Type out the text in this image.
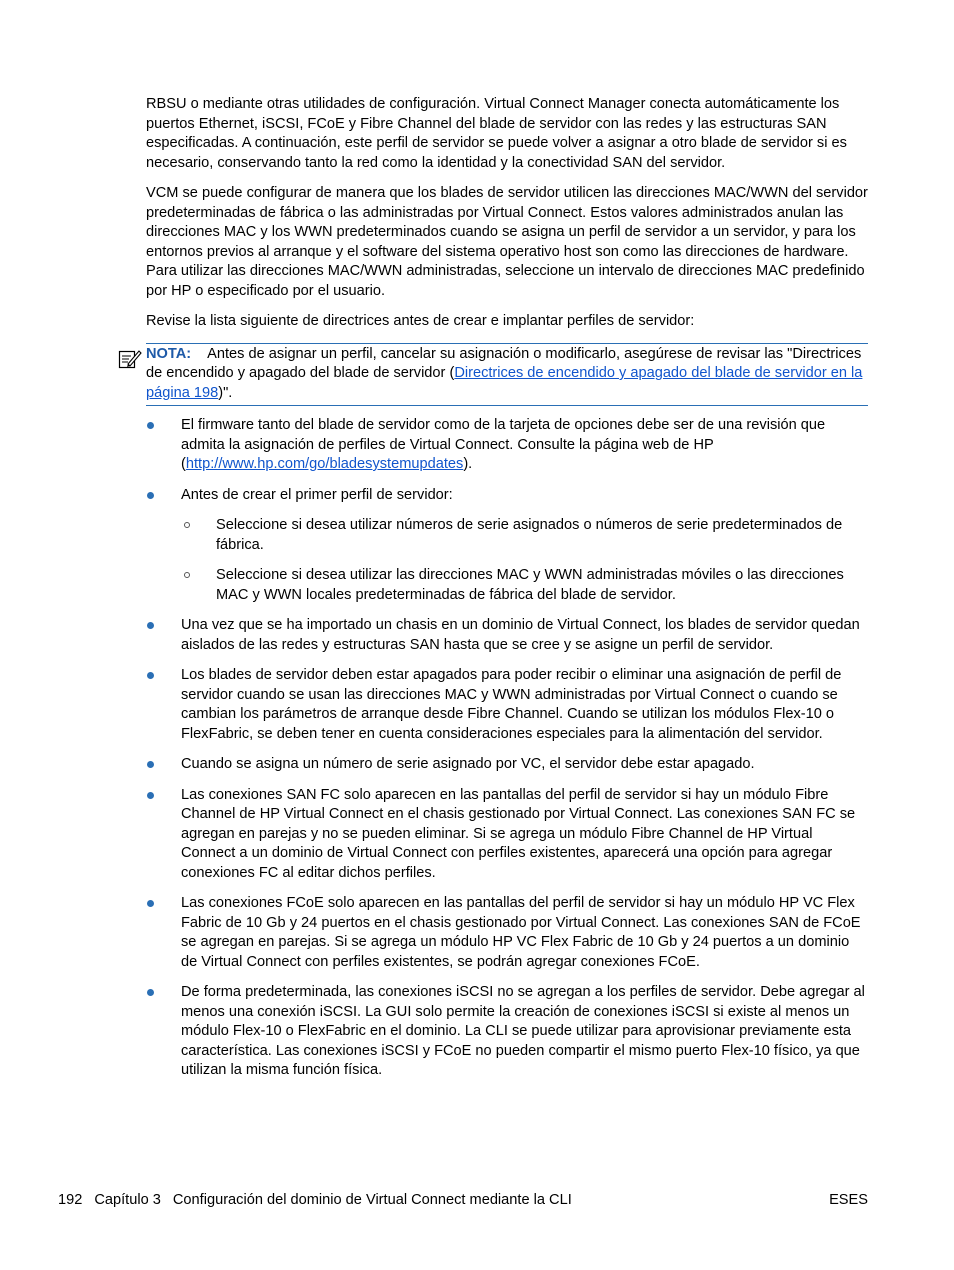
RBSU o mediante otras utilidades de configuración. Virtual Connect Manager conecta automáticamente los puertos Ethernet, iSCSI, FCoE y Fibre Channel del blade de servidor con las redes y las estructuras SAN especificadas. A continuación, este perfil de servidor se puede volver a asignar a otro blade de servidor si es necesario, conservando tanto la red como la identidad y la conectividad SAN del servidor.

VCM se puede configurar de manera que los blades de servidor utilicen las direcciones MAC/WWN del servidor predeterminadas de fábrica o las administradas por Virtual Connect. Estos valores administrados anulan las direcciones MAC y los WWN predeterminados cuando se asigna un perfil de servidor a un servidor, y para los entornos previos al arranque y el software del sistema operativo host son como las direcciones de hardware. Para utilizar las direcciones MAC/WWN administradas, seleccione un intervalo de direcciones MAC predefinido por HP o especificado por el usuario.

Revise la lista siguiente de directrices antes de crear e implantar perfiles de servidor:

NOTA: Antes de asignar un perfil, cancelar su asignación o modificarlo, asegúrese de revisar las "Directrices de encendido y apagado del blade de servidor (Directrices de encendido y apagado del blade de servidor en la página 198)".
El firmware tanto del blade de servidor como de la tarjeta de opciones debe ser de una revisión que admita la asignación de perfiles de Virtual Connect. Consulte la página web de HP (http://www.hp.com/go/bladesystemupdates).
Antes de crear el primer perfil de servidor:
Seleccione si desea utilizar números de serie asignados o números de serie predeterminados de fábrica.
Seleccione si desea utilizar las direcciones MAC y WWN administradas móviles o las direcciones MAC y WWN locales predeterminadas de fábrica del blade de servidor.
Una vez que se ha importado un chasis en un dominio de Virtual Connect, los blades de servidor quedan aislados de las redes y estructuras SAN hasta que se cree y se asigne un perfil de servidor.
Los blades de servidor deben estar apagados para poder recibir o eliminar una asignación de perfil de servidor cuando se usan las direcciones MAC y WWN administradas por Virtual Connect o cuando se cambian los parámetros de arranque desde Fibre Channel. Cuando se utilizan los módulos Flex-10 o FlexFabric, se deben tener en cuenta consideraciones especiales para la alimentación del servidor.
Cuando se asigna un número de serie asignado por VC, el servidor debe estar apagado.
Las conexiones SAN FC solo aparecen en las pantallas del perfil de servidor si hay un módulo Fibre Channel de HP Virtual Connect en el chasis gestionado por Virtual Connect. Las conexiones SAN FC se agregan en parejas y no se pueden eliminar. Si se agrega un módulo Fibre Channel de HP Virtual Connect a un dominio de Virtual Connect con perfiles existentes, aparecerá una opción para agregar conexiones FC al editar dichos perfiles.
Las conexiones FCoE solo aparecen en las pantallas del perfil de servidor si hay un módulo HP VC Flex Fabric de 10 Gb y 24 puertos en el chasis gestionado por Virtual Connect. Las conexiones SAN de FCoE se agregan en parejas. Si se agrega un módulo HP VC Flex Fabric de 10 Gb y 24 puertos a un dominio de Virtual Connect con perfiles existentes, se podrán agregar conexiones FCoE.
De forma predeterminada, las conexiones iSCSI no se agregan a los perfiles de servidor. Debe agregar al menos una conexión iSCSI. La GUI solo permite la creación de conexiones iSCSI si existe al menos un módulo Flex-10 o FlexFabric en el dominio. La CLI se puede utilizar para aprovisionar previamente esta característica. Las conexiones iSCSI y FCoE no pueden compartir el mismo puerto Flex-10 físico, ya que utilizan la misma función física.
192 Capítulo 3 Configuración del dominio de Virtual Connect mediante la CLI	ESES
